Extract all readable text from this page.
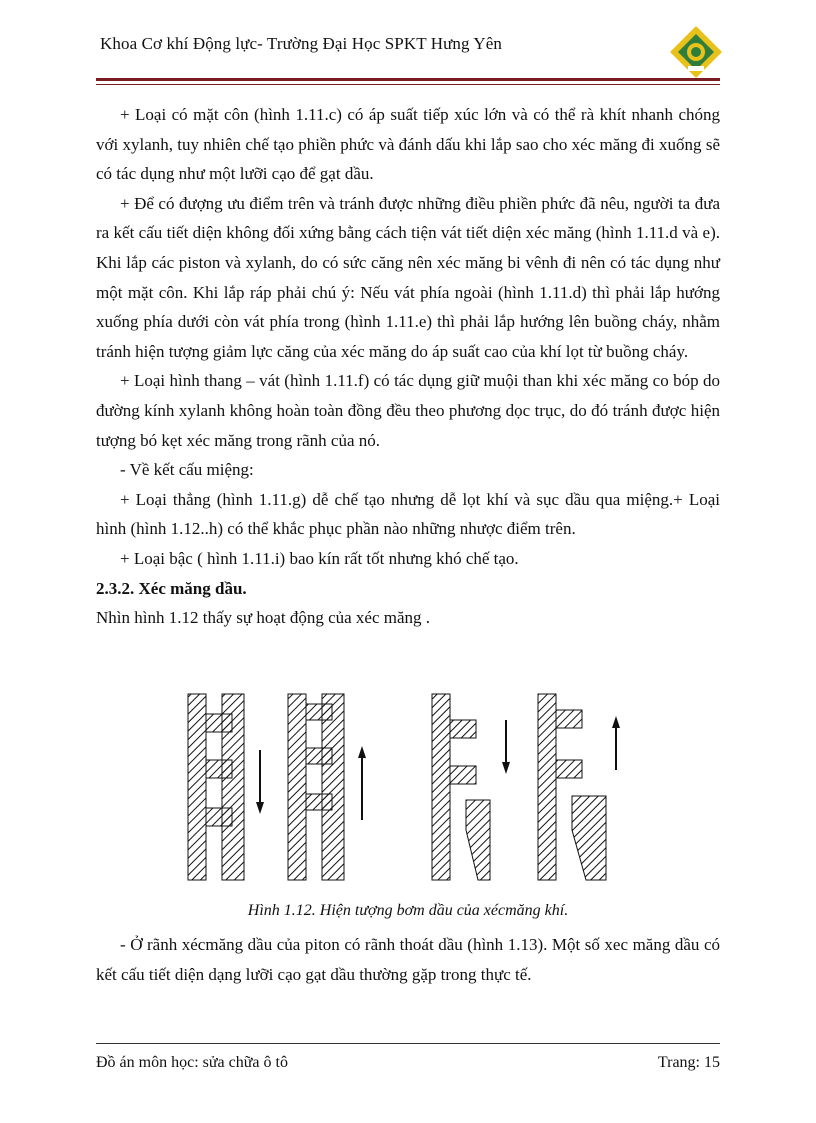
Khoa Cơ khí Động lực- Trường Đại Học SPKT Hưng Yên

+ Loại có mặt côn (hình 1.11.c) có áp suất tiếp xúc lớn và có thể rà khít nhanh chóng với xylanh, tuy nhiên chế tạo phiền phức và đánh dấu khi lắp sao cho xéc măng đi xuống sẽ có tác dụng như một lưỡi cạo để gạt dầu.

+ Để có đượng ưu điểm trên và tránh được những điều phiền phức đã nêu, người ta đưa ra kết cấu tiết diện không đối xứng bằng cách tiện vát tiết diện xéc măng (hình 1.11.d và e). Khi lắp các piston và xylanh, do có sức căng nên xéc măng bi vênh đi nên có tác dụng như một mặt côn. Khi lắp ráp phải chú ý: Nếu vát phía ngoài (hình 1.11.d) thì phải lắp hướng xuống phía dưới còn vát phía trong (hình 1.11.e) thì phải lắp hướng lên buồng cháy, nhằm tránh hiện tượng giảm lực căng của xéc măng do áp suất cao của khí lọt từ buồng cháy.

+ Loại hình thang – vát (hình 1.11.f) có tác dụng giữ muội than khi xéc măng co bóp do đường kính xylanh không hoàn toàn đồng đều theo phương dọc trục, do đó tránh được hiện tượng bó kẹt xéc măng trong rãnh của nó.

- Về kết cấu miệng:

+ Loại thẳng (hình 1.11.g) dễ chế tạo nhưng dễ lọt khí và sục dầu qua miệng.+ Loại hình (hình 1.12..h) có thể khắc phục phần nào những nhược điểm trên.

+ Loại bậc ( hình 1.11.i) bao kín rất tốt nhưng khó chế tạo.

2.3.2. Xéc măng dầu.

Nhìn hình 1.12 thấy sự hoạt động của xéc măng .

Hình 1.12. Hiện tượng bơm dầu của xécmăng khí.

- Ở rãnh xécmăng dầu của piton có rãnh thoát dầu (hình 1.13). Một số xec măng dầu có kết cấu tiết diện dạng lưỡi cạo gạt dầu thường gặp trong thực tế.

Đồ án môn học: sửa chữa ô tô	Trang: 15
